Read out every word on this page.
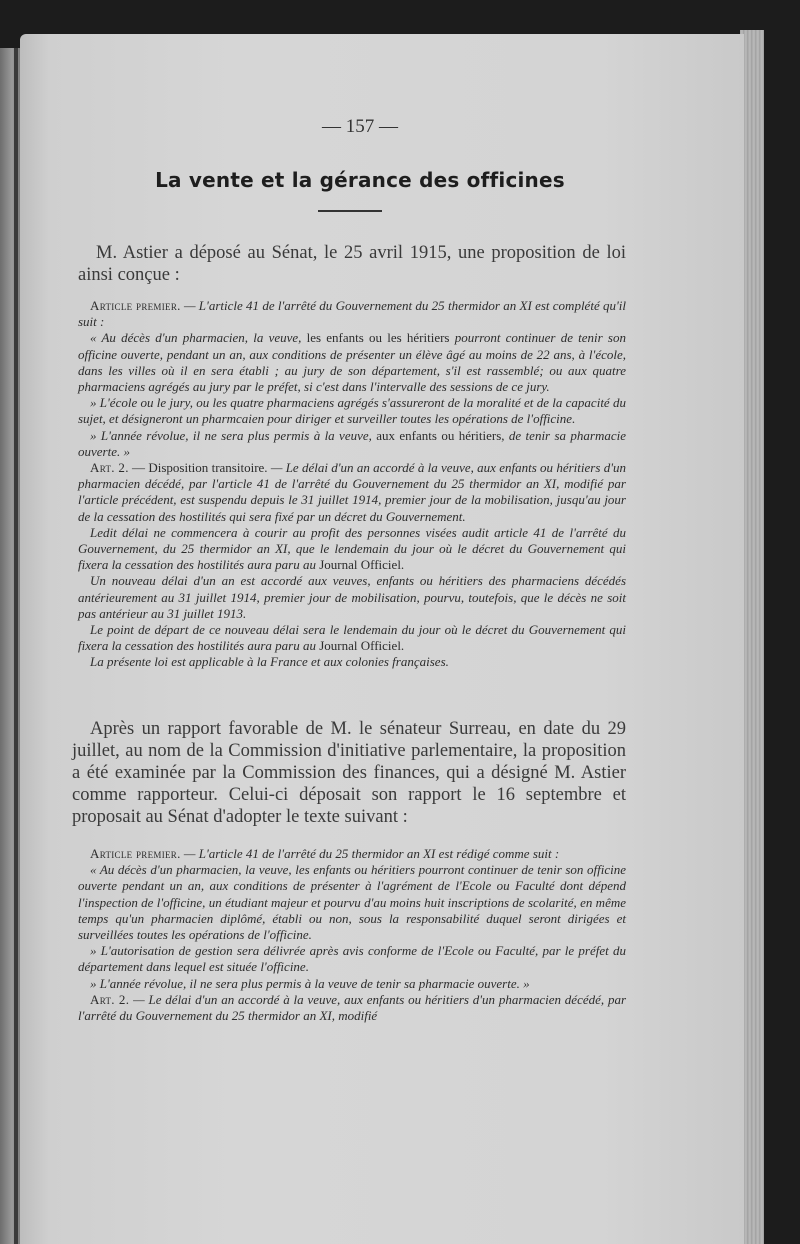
— 157 —
La vente et la gérance des officines
M. Astier a déposé au Sénat, le 25 avril 1915, une proposition de loi ainsi conçue :

Article premier. — L'article 41 de l'arrêté du Gouvernement du 25 thermidor an XI est complété qu'il suit :

« Au décès d'un pharmacien, la veuve, les enfants ou les héritiers pourront continuer de tenir son officine ouverte, pendant un an, aux conditions de présenter un élève âgé au moins de 22 ans, à l'école, dans les villes où il en sera établi ; au jury de son département, s'il est rassemblé; ou aux quatre pharmaciens agrégés au jury par le préfet, si c'est dans l'intervalle des sessions de ce jury.

» L'école ou le jury, ou les quatre pharmaciens agrégés s'assureront de la moralité et de la capacité du sujet, et désigneront un pharmcaien pour diriger et surveiller toutes les opérations de l'officine.

» L'année révolue, il ne sera plus permis à la veuve, aux enfants ou héritiers, de tenir sa pharmacie ouverte. »

Art. 2. — Disposition transitoire. — Le délai d'un an accordé à la veuve, aux enfants ou héritiers d'un pharmacien décédé, par l'article 41 de l'arrêté du Gouvernement du 25 thermidor an XI, modifié par l'article précédent, est suspendu depuis le 31 juillet 1914, premier jour de la mobilisation, jusqu'au jour de la cessation des hostilités qui sera fixé par un décret du Gouvernement.

Ledit délai ne commencera à courir au profit des personnes visées audit article 41 de l'arrêté du Gouvernement, du 25 thermidor an XI, que le lendemain du jour où le décret du Gouvernement qui fixera la cessation des hostilités aura paru au Journal Officiel.

Un nouveau délai d'un an est accordé aux veuves, enfants ou héritiers des pharmaciens décédés antérieurement au 31 juillet 1914, premier jour de mobilisation, pourvu, toutefois, que le décès ne soit pas antérieur au 31 juillet 1913.

Le point de départ de ce nouveau délai sera le lendemain du jour où le décret du Gouvernement qui fixera la cessation des hostilités aura paru au Journal Officiel.

La présente loi est applicable à la France et aux colonies françaises.

Après un rapport favorable de M. le sénateur Surreau, en date du 29 juillet, au nom de la Commission d'initiative parlementaire, la proposition a été examinée par la Commission des finances, qui a désigné M. Astier comme rapporteur. Celui-ci déposait son rapport le 16 septembre et proposait au Sénat d'adopter le texte suivant :

Article premier. — L'article 41 de l'arrêté du 25 thermidor an XI est rédigé comme suit :

« Au décès d'un pharmacien, la veuve, les enfants ou héritiers pourront continuer de tenir son officine ouverte pendant un an, aux conditions de présenter à l'agrément de l'Ecole ou Faculté dont dépend l'inspection de l'officine, un étudiant majeur et pourvu d'au moins huit inscriptions de scolarité, en même temps qu'un pharmacien diplômé, établi ou non, sous la responsabilité duquel seront dirigées et surveillées toutes les opérations de l'officine.

» L'autorisation de gestion sera délivrée après avis conforme de l'Ecole ou Faculté, par le préfet du département dans lequel est située l'officine.

» L'année révolue, il ne sera plus permis à la veuve de tenir sa pharmacie ouverte. »

Art. 2. — Le délai d'un an accordé à la veuve, aux enfants ou héritiers d'un pharmacien décédé, par l'arrêté du Gouvernement du 25 thermidor an XI, modifié
